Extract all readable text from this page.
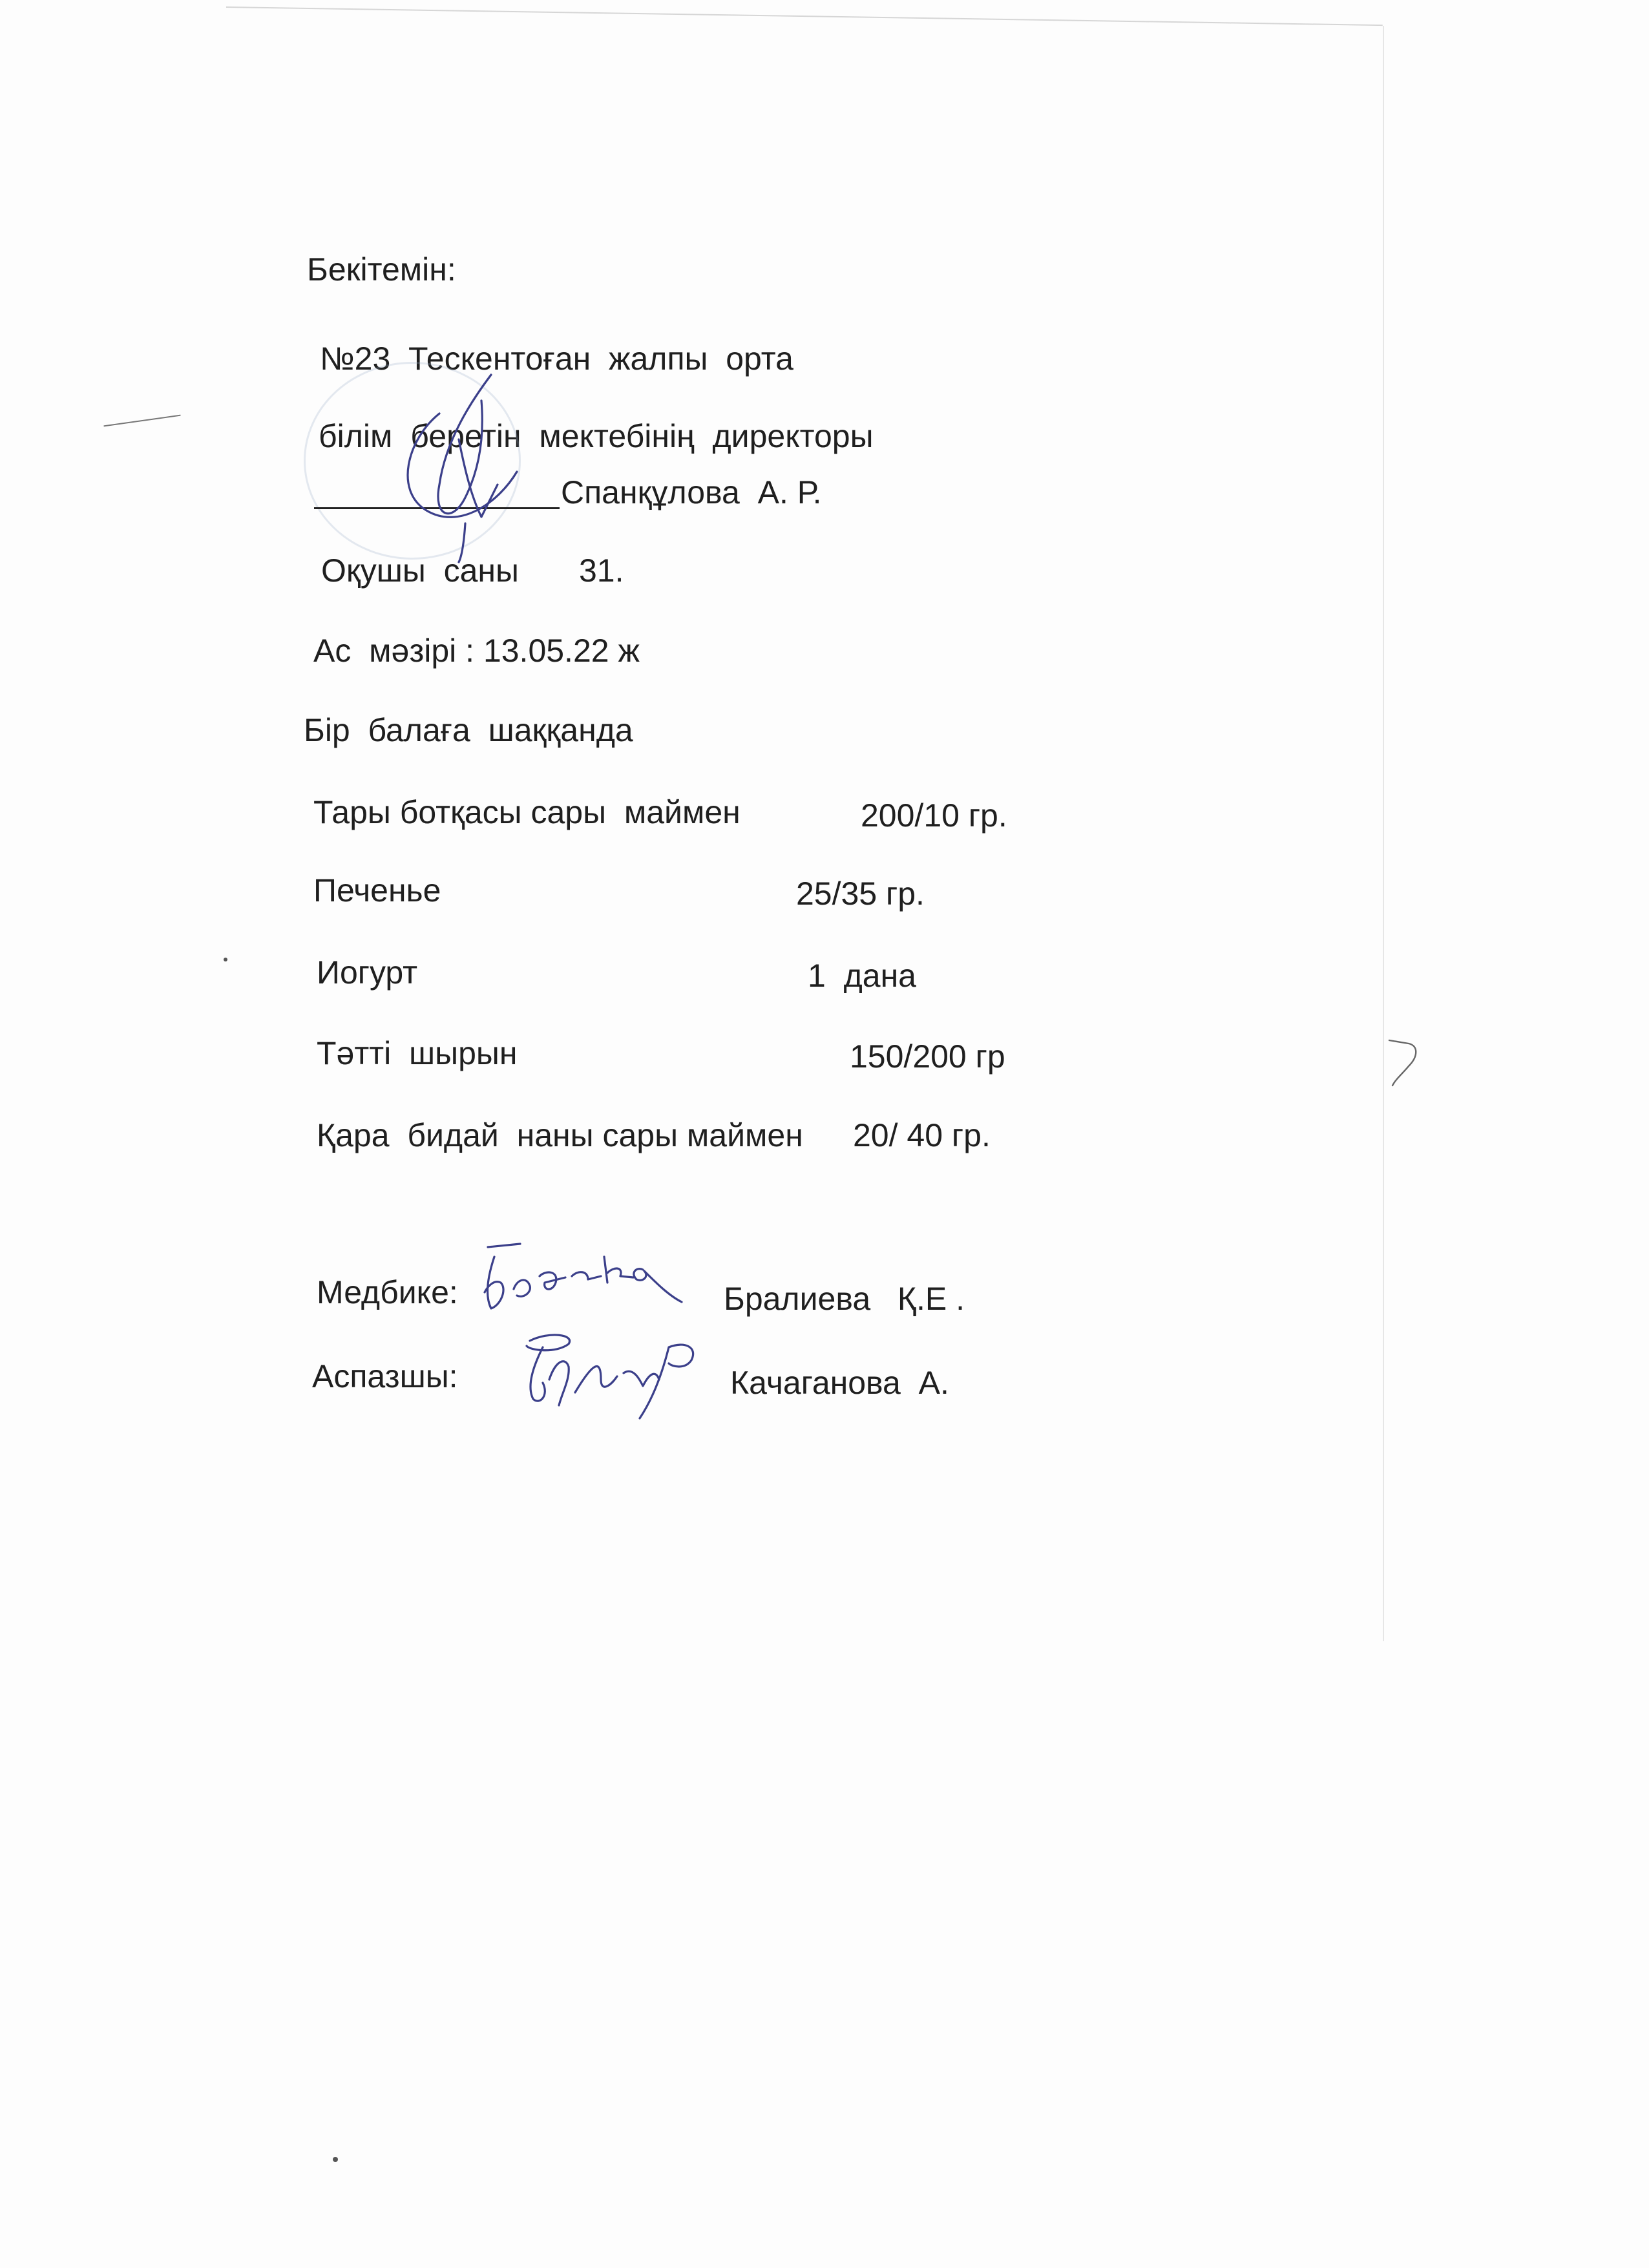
Бекітемін:
№23  Тескентоған  жалпы  орта
білім  беретін  мектебінің  директоры
Спанқұлова  А. Р.
Оқушы  саны 31.
Ас  мәзірі : 13.05.22 ж
Бір  балаға  шаққанда
Тары ботқасы сары  маймен	200/10 гр.
Печенье	25/35 гр.
Иогурт	1  дана
Тәтті  шырын	150/200 гр
Қара  бидай  наны сары маймен 20/ 40 гр.
Медбике:	Бралиева   Қ.Е .
Аспазшы:	Качаганова  А.
